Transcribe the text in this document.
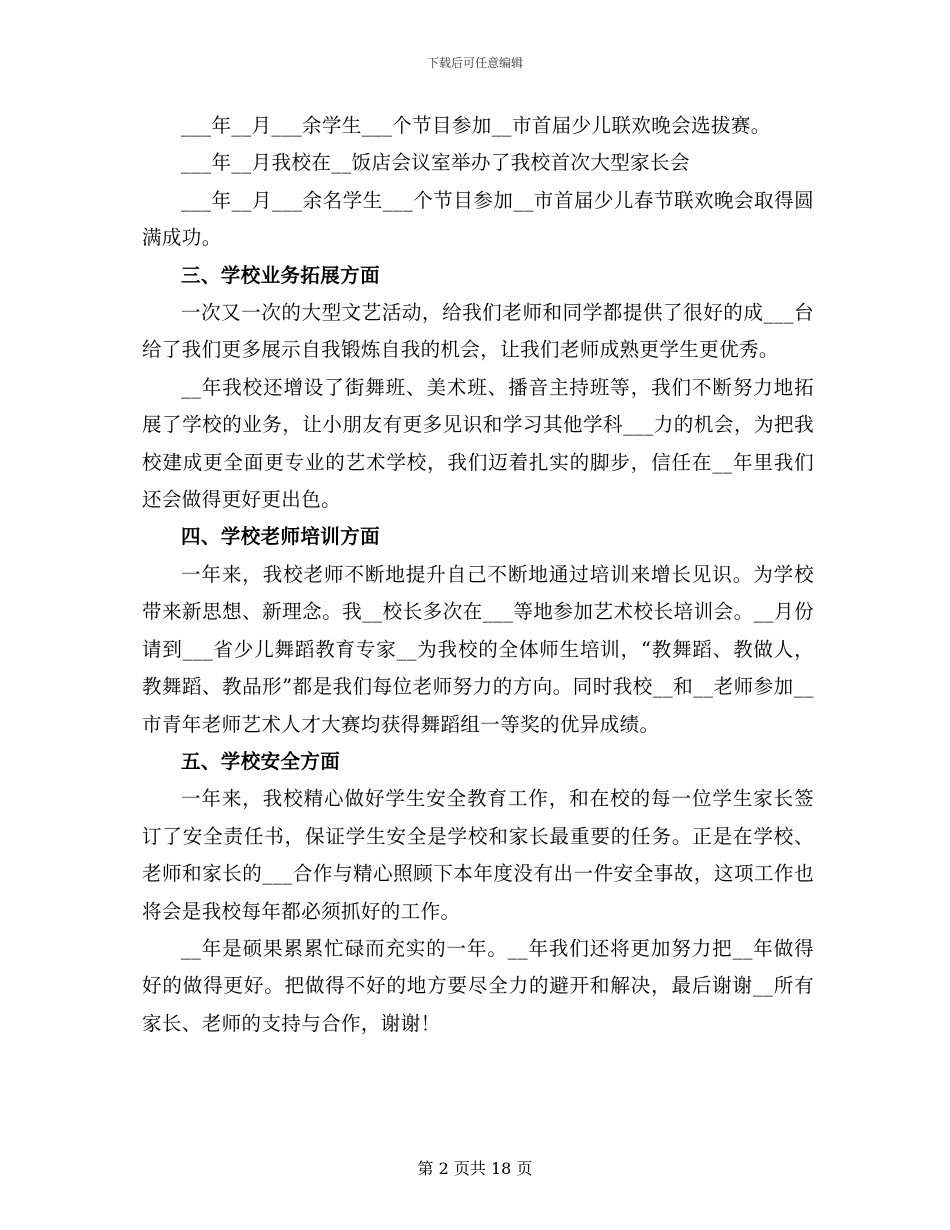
下载后可任意编辑

___年__月___余学生___个节目参加__市首届少儿联欢晚会选拔赛。

___年__月我校在__饭店会议室举办了我校首次大型家长会

___年__月___余名学生___个节目参加__市首届少儿春节联欢晚会取得圆满成功。

三、学校业务拓展方面

一次又一次的大型文艺活动，给我们老师和同学都提供了很好的成___台给了我们更多展示自我锻炼自我的机会，让我们老师成熟更学生更优秀。

__年我校还增设了街舞班、美术班、播音主持班等，我们不断努力地拓展了学校的业务，让小朋友有更多见识和学习其他学科___力的机会，为把我校建成更全面更专业的艺术学校，我们迈着扎实的脚步，信任在__年里我们还会做得更好更出色。

四、学校老师培训方面

一年来，我校老师不断地提升自己不断地通过培训来增长见识。为学校带来新思想、新理念。我__校长多次在___等地参加艺术校长培训会。__月份请到___省少儿舞蹈教育专家__为我校的全体师生培训，“教舞蹈、教做人，教舞蹈、教品形”都是我们每位老师努力的方向。同时我校__和__老师参加__市青年老师艺术人才大赛均获得舞蹈组一等奖的优异成绩。

五、学校安全方面

一年来，我校精心做好学生安全教育工作，和在校的每一位学生家长签订了安全责任书，保证学生安全是学校和家长最重要的任务。正是在学校、老师和家长的___合作与精心照顾下本年度没有出一件安全事故，这项工作也将会是我校每年都必须抓好的工作。

__年是硕果累累忙碌而充实的一年。__年我们还将更加努力把__年做得好的做得更好。把做得不好的地方要尽全力的避开和解决，最后谢谢__所有家长、老师的支持与合作，谢谢！

第 2 页共 18 页
